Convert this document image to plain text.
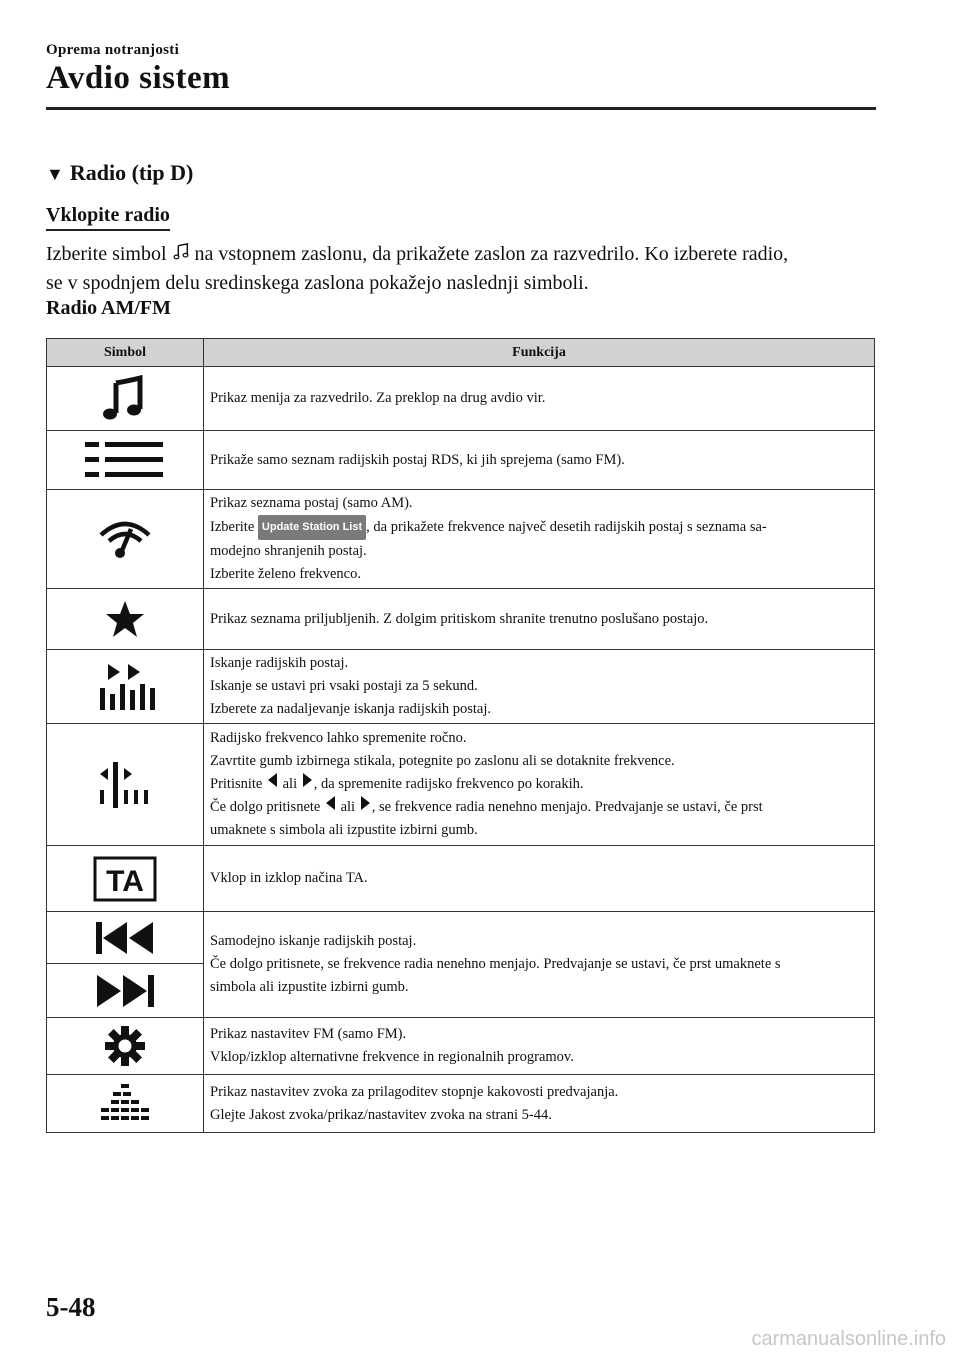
Oprema notranjosti
Avdio sistem
▼ Radio (tip D)
Vklopite radio
Izberite simbol  na vstopnem zaslonu, da prikažete zaslon za razvedrilo. Ko izberete radio,
se v spodnjem delu sredinskega zaslona pokažejo naslednji simboli.
Radio AM/FM
Simbol	Funkcija

Prikaz menija za razvedrilo. Za preklop na drug avdio vir.

Prikaže samo seznam radijskih postaj RDS, ki jih sprejema (samo FM).

Prikaz seznama postaj (samo AM).
Izberite Update Station List , da prikažete frekvence največ desetih radijskih postaj s seznama sa-
modejno shranjenih postaj.
Izberite želeno frekvenco.

Prikaz seznama priljubljenih. Z dolgim pritiskom shranite trenutno poslušano postajo.

Iskanje radijskih postaj.
Iskanje se ustavi pri vsaki postaji za 5 sekund.
Izberete za nadaljevanje iskanja radijskih postaj.

Radijsko frekvenco lahko spremenite ročno.
Zavrtite gumb izbirnega stikala, potegnite po zaslonu ali se dotaknite frekvence.
Pritisnite  ali , da spremenite radijsko frekvenco po korakih.
Če dolgo pritisnete  ali , se frekvence radia nenehno menjajo. Predvajanje se ustavi, če prst
umaknete s simbola ali izpustite izbirni gumb.

TA	Vklop in izklop načina TA.

Samodejno iskanje radijskih postaj.
Če dolgo pritisnete, se frekvence radia nenehno menjajo. Predvajanje se ustavi, če prst umaknete s
simbola ali izpustite izbirni gumb.

Prikaz nastavitev FM (samo FM).
Vklop/izklop alternativne frekvence in regionalnih programov.

Prikaz nastavitev zvoka za prilagoditev stopnje kakovosti predvajanja.
Glejte Jakost zvoka/prikaz/nastavitev zvoka na strani 5-44.
5-48
carmanualsonline.info
